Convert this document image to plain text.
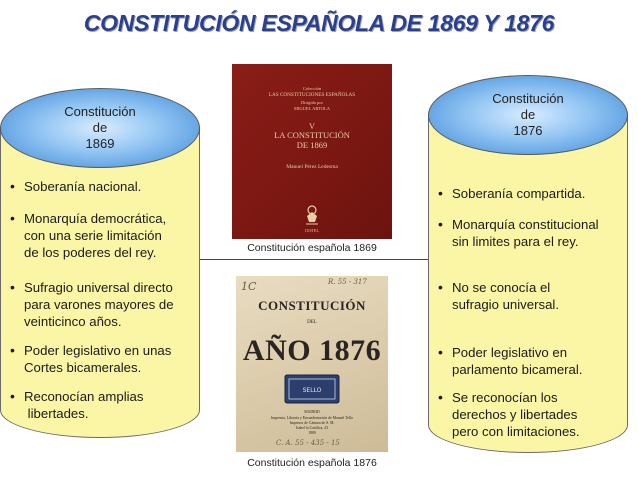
CONSTITUCIÓN ESPAÑOLA DE 1869 Y 1876
Constitución
de
1869
• Soberanía nacional.
• Monarquía democrática,
con una serie limitación
de los poderes del rey.
• Sufragio universal directo
para varones mayores de
veinticinco años.
• Poder legislativo en unas
Cortes bicamerales.
• Reconocían amplias
libertades.
Constitución
de
1876
• Soberanía compartida.
• Monarquía constitucional
sin limites para el rey.
• No se conocía el
sufragio universal.
• Poder legislativo en
parlamento bicameral.
• Se reconocían los
derechos y libertades
pero con limitaciones.
Colección
LAS CONSTITUCIONES ESPAÑOLAS
Dirigida por
MIGUEL ARTOLA
V
LA CONSTITUCIÓN
DE 1869
Manuel Pérez Ledesma
IUSTEL
Constitución española 1869
1C	R. 55 - 317
CONSTITUCIÓN
DEL
AÑO 1876
SELLO
MADRID
Imprenta, Librería y Encuadernación de Manuel Tello
Impresor de Cámara de S. M.
Isabel la Católica, 23
1880
C. A. 55 - 435 - 15
Constitución española 1876
